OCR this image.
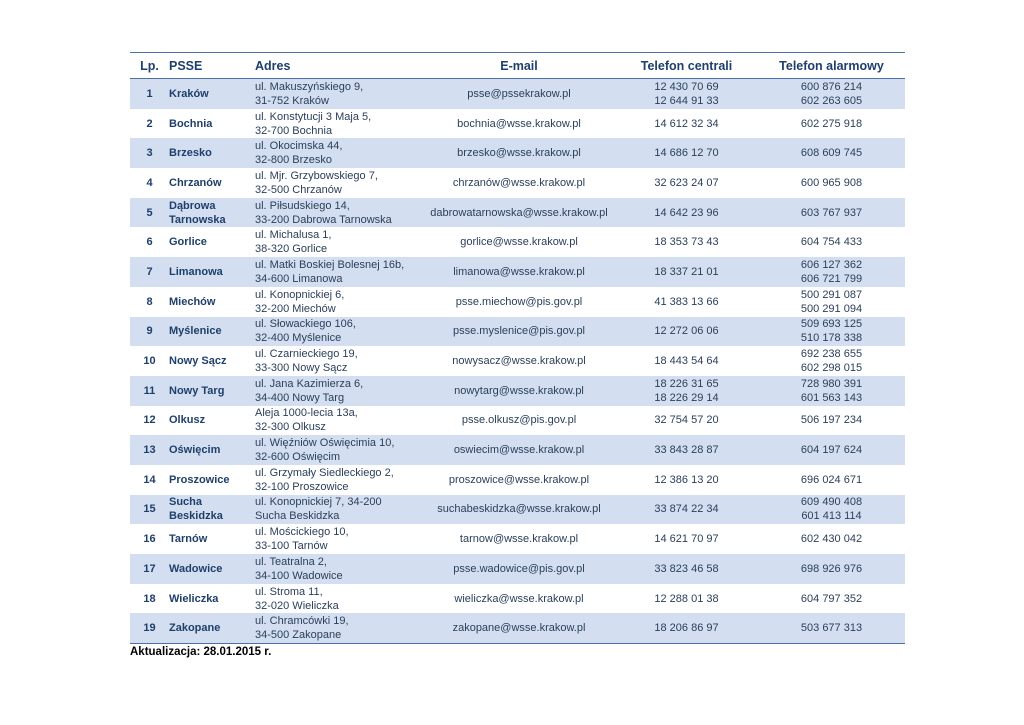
Lp.	PSSE	Adres	E-mail	Telefon centrali	Telefon alarmowy
1	Kraków	ul. Makuszyńskiego 9,
31-752 Kraków	psse@pssekrakow.pl	12 430 70 69
12 644 91 33	600 876 214
602 263 605

2	Bochnia	ul. Konstytucji 3 Maja 5,
32-700 Bochnia	bochnia@wsse.krakow.pl	14 612 32 34	602 275 918

3	Brzesko	ul. Okocimska 44,
32-800 Brzesko	brzesko@wsse.krakow.pl	14 686 12 70	608 609 745

4	Chrzanów	ul. Mjr. Grzybowskiego 7,
32-500 Chrzanów	chrzanów@wsse.krakow.pl	32 623 24 07	600 965 908

5	Dąbrowa
Tarnowska	ul. Piłsudskiego 14,
33-200 Dabrowa Tarnowska	dabrowatarnowska@wsse.krakow.pl	14 642 23 96	603 767 937

6	Gorlice	ul. Michalusa 1,
38-320 Gorlice	gorlice@wsse.krakow.pl	18 353 73 43	604 754 433

7	Limanowa	ul. Matki Boskiej Bolesnej 16b,
34-600 Limanowa	limanowa@wsse.krakow.pl	18 337 21 01	606 127 362
606 721 799

8	Miechów	ul. Konopnickiej 6,
32-200 Miechów	psse.miechow@pis.gov.pl	41 383 13 66	500 291 087
500 291 094

9	Myślenice	ul. Słowackiego 106,
32-400 Myślenice	psse.myslenice@pis.gov.pl	12 272 06 06	509 693 125
510 178 338

10	Nowy Sącz	ul. Czarnieckiego 19,
33-300 Nowy Sącz	nowysacz@wsse.krakow.pl	18 443 54 64	692 238 655
602 298 015

11	Nowy Targ	ul. Jana Kazimierza 6,
34-400 Nowy Targ	nowytarg@wsse.krakow.pl	18 226 31 65
18 226 29 14	728 980 391
601 563 143

12	Olkusz	Aleja 1000-lecia 13a,
32-300 Olkusz	psse.olkusz@pis.gov.pl	32 754 57 20	506 197 234

13	Oświęcim	ul. Więźniów Oświęcimia 10,
32-600 Oświęcim	oswiecim@wsse.krakow.pl	33 843 28 87	604 197 624

14	Proszowice	ul. Grzymały Siedleckiego 2,
32-100 Proszowice	proszowice@wsse.krakow.pl	12 386 13 20	696 024 671

15	Sucha
Beskidzka	ul. Konopnickiej 7, 34-200
Sucha Beskidzka	suchabeskidzka@wsse.krakow.pl	33 874 22 34	609 490 408
601 413 114

16	Tarnów	ul. Mościckiego 10,
33-100 Tarnów	tarnow@wsse.krakow.pl	14 621 70 97	602 430 042

17	Wadowice	ul. Teatralna 2,
34-100 Wadowice	psse.wadowice@pis.gov.pl	33 823 46 58	698 926 976

18	Wieliczka	ul. Stroma 11,
32-020 Wieliczka	wieliczka@wsse.krakow.pl	12 288 01 38	604 797 352

19	Zakopane	ul. Chramcówki 19,
34-500 Zakopane	zakopane@wsse.krakow.pl	18 206 86 97	503 677 313
Aktualizacja: 28.01.2015 r.
